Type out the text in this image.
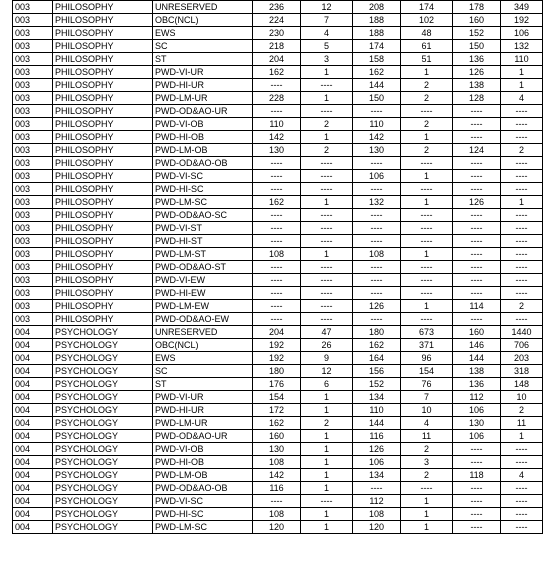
003	PHILOSOPHY	UNRESERVED	236	12	208	174	178	349
003	PHILOSOPHY	OBC(NCL)	224	7	188	102	160	192
003	PHILOSOPHY	EWS	230	4	188	48	152	106
003	PHILOSOPHY	SC	218	5	174	61	150	132
003	PHILOSOPHY	ST	204	3	158	51	136	110
003	PHILOSOPHY	PWD-VI-UR	162	1	162	1	126	1
003	PHILOSOPHY	PWD-HI-UR	----	----	144	2	138	1
003	PHILOSOPHY	PWD-LM-UR	228	1	150	2	128	4
003	PHILOSOPHY	PWD-OD&AO-UR	----	----	----	----	----	----
003	PHILOSOPHY	PWD-VI-OB	110	2	110	2	----	----
003	PHILOSOPHY	PWD-HI-OB	142	1	142	1	----	----
003	PHILOSOPHY	PWD-LM-OB	130	2	130	2	124	2
003	PHILOSOPHY	PWD-OD&AO-OB	----	----	----	----	----	----
003	PHILOSOPHY	PWD-VI-SC	----	----	106	1	----	----
003	PHILOSOPHY	PWD-HI-SC	----	----	----	----	----	----
003	PHILOSOPHY	PWD-LM-SC	162	1	132	1	126	1
003	PHILOSOPHY	PWD-OD&AO-SC	----	----	----	----	----	----
003	PHILOSOPHY	PWD-VI-ST	----	----	----	----	----	----
003	PHILOSOPHY	PWD-HI-ST	----	----	----	----	----	----
003	PHILOSOPHY	PWD-LM-ST	108	1	108	1	----	----
003	PHILOSOPHY	PWD-OD&AO-ST	----	----	----	----	----	----
003	PHILOSOPHY	PWD-VI-EW	----	----	----	----	----	----
003	PHILOSOPHY	PWD-HI-EW	----	----	----	----	----	----
003	PHILOSOPHY	PWD-LM-EW	----	----	126	1	114	2
003	PHILOSOPHY	PWD-OD&AO-EW	----	----	----	----	----	----
004	PSYCHOLOGY	UNRESERVED	204	47	180	673	160	1440
004	PSYCHOLOGY	OBC(NCL)	192	26	162	371	146	706
004	PSYCHOLOGY	EWS	192	9	164	96	144	203
004	PSYCHOLOGY	SC	180	12	156	154	138	318
004	PSYCHOLOGY	ST	176	6	152	76	136	148
004	PSYCHOLOGY	PWD-VI-UR	154	1	134	7	112	10
004	PSYCHOLOGY	PWD-HI-UR	172	1	110	10	106	2
004	PSYCHOLOGY	PWD-LM-UR	162	2	144	4	130	11
004	PSYCHOLOGY	PWD-OD&AO-UR	160	1	116	11	106	1
004	PSYCHOLOGY	PWD-VI-OB	130	1	126	2	----	----
004	PSYCHOLOGY	PWD-HI-OB	108	1	106	3	----	----
004	PSYCHOLOGY	PWD-LM-OB	142	1	134	2	118	4
004	PSYCHOLOGY	PWD-OD&AO-OB	116	1	----	----	----	----
004	PSYCHOLOGY	PWD-VI-SC	----	----	112	1	----	----
004	PSYCHOLOGY	PWD-HI-SC	108	1	108	1	----	----
004	PSYCHOLOGY	PWD-LM-SC	120	1	120	1	----	----
